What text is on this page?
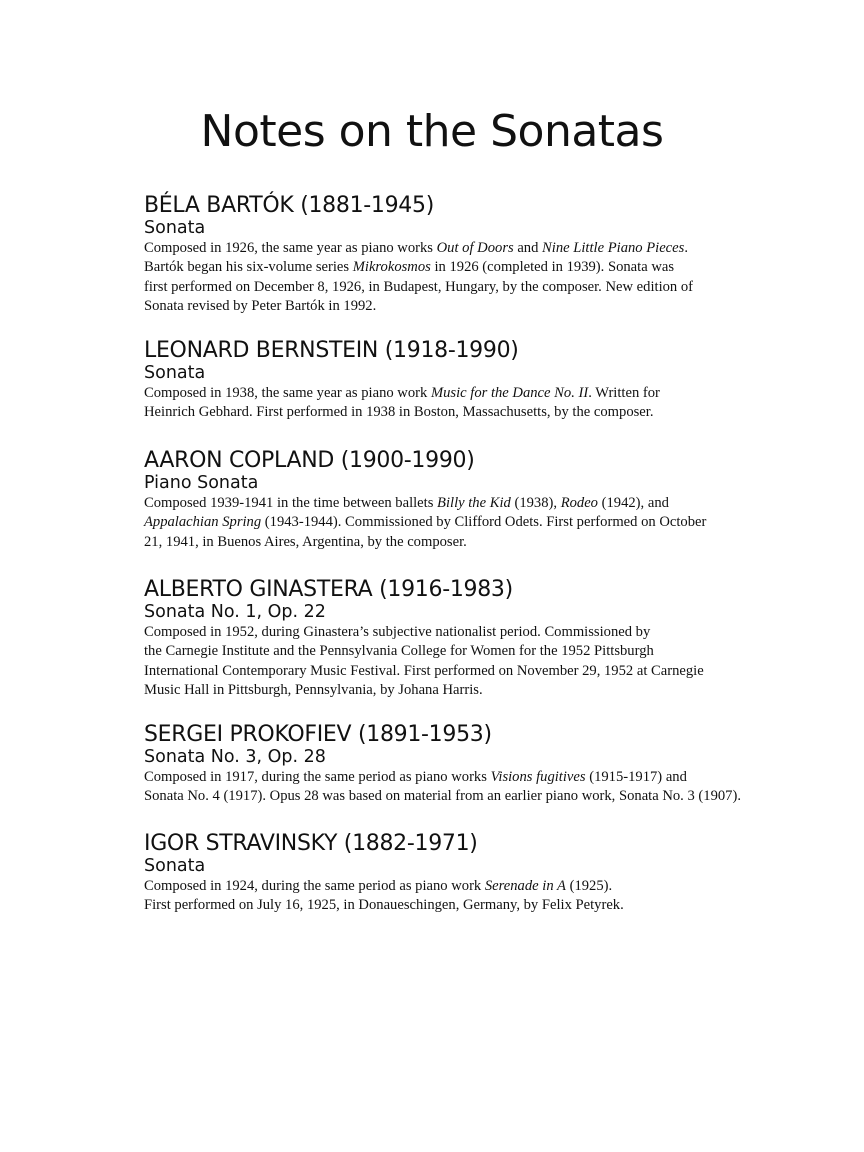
Notes on the Sonatas
BÉLA BARTÓK (1881-1945)
Sonata

Composed in 1926, the same year as piano works Out of Doors and Nine Little Piano Pieces.
Bartók began his six-volume series Mikrokosmos in 1926 (completed in 1939). Sonata was
first performed on December 8, 1926, in Budapest, Hungary, by the composer. New edition of
Sonata revised by Peter Bartók in 1992.

LEONARD BERNSTEIN (1918-1990)
Sonata

Composed in 1938, the same year as piano work Music for the Dance No. II. Written for
Heinrich Gebhard. First performed in 1938 in Boston, Massachusetts, by the composer.

AARON COPLAND (1900-1990)
Piano Sonata

Composed 1939-1941 in the time between ballets Billy the Kid (1938), Rodeo (1942), and
Appalachian Spring (1943-1944). Commissioned by Clifford Odets. First performed on October
21, 1941, in Buenos Aires, Argentina, by the composer.

ALBERTO GINASTERA (1916-1983)
Sonata No. 1, Op. 22

Composed in 1952, during Ginastera’s subjective nationalist period. Commissioned by
the Carnegie Institute and the Pennsylvania College for Women for the 1952 Pittsburgh
International Contemporary Music Festival. First performed on November 29, 1952 at Carnegie
Music Hall in Pittsburgh, Pennsylvania, by Johana Harris.

SERGEI PROKOFIEV (1891-1953)
Sonata No. 3, Op. 28

Composed in 1917, during the same period as piano works Visions fugitives (1915-1917) and
Sonata No. 4 (1917). Opus 28 was based on material from an earlier piano work, Sonata No. 3 (1907).

IGOR STRAVINSKY (1882-1971)
Sonata

Composed in 1924, during the same period as piano work Serenade in A (1925).
First performed on July 16, 1925, in Donaueschingen, Germany, by Felix Petyrek.
